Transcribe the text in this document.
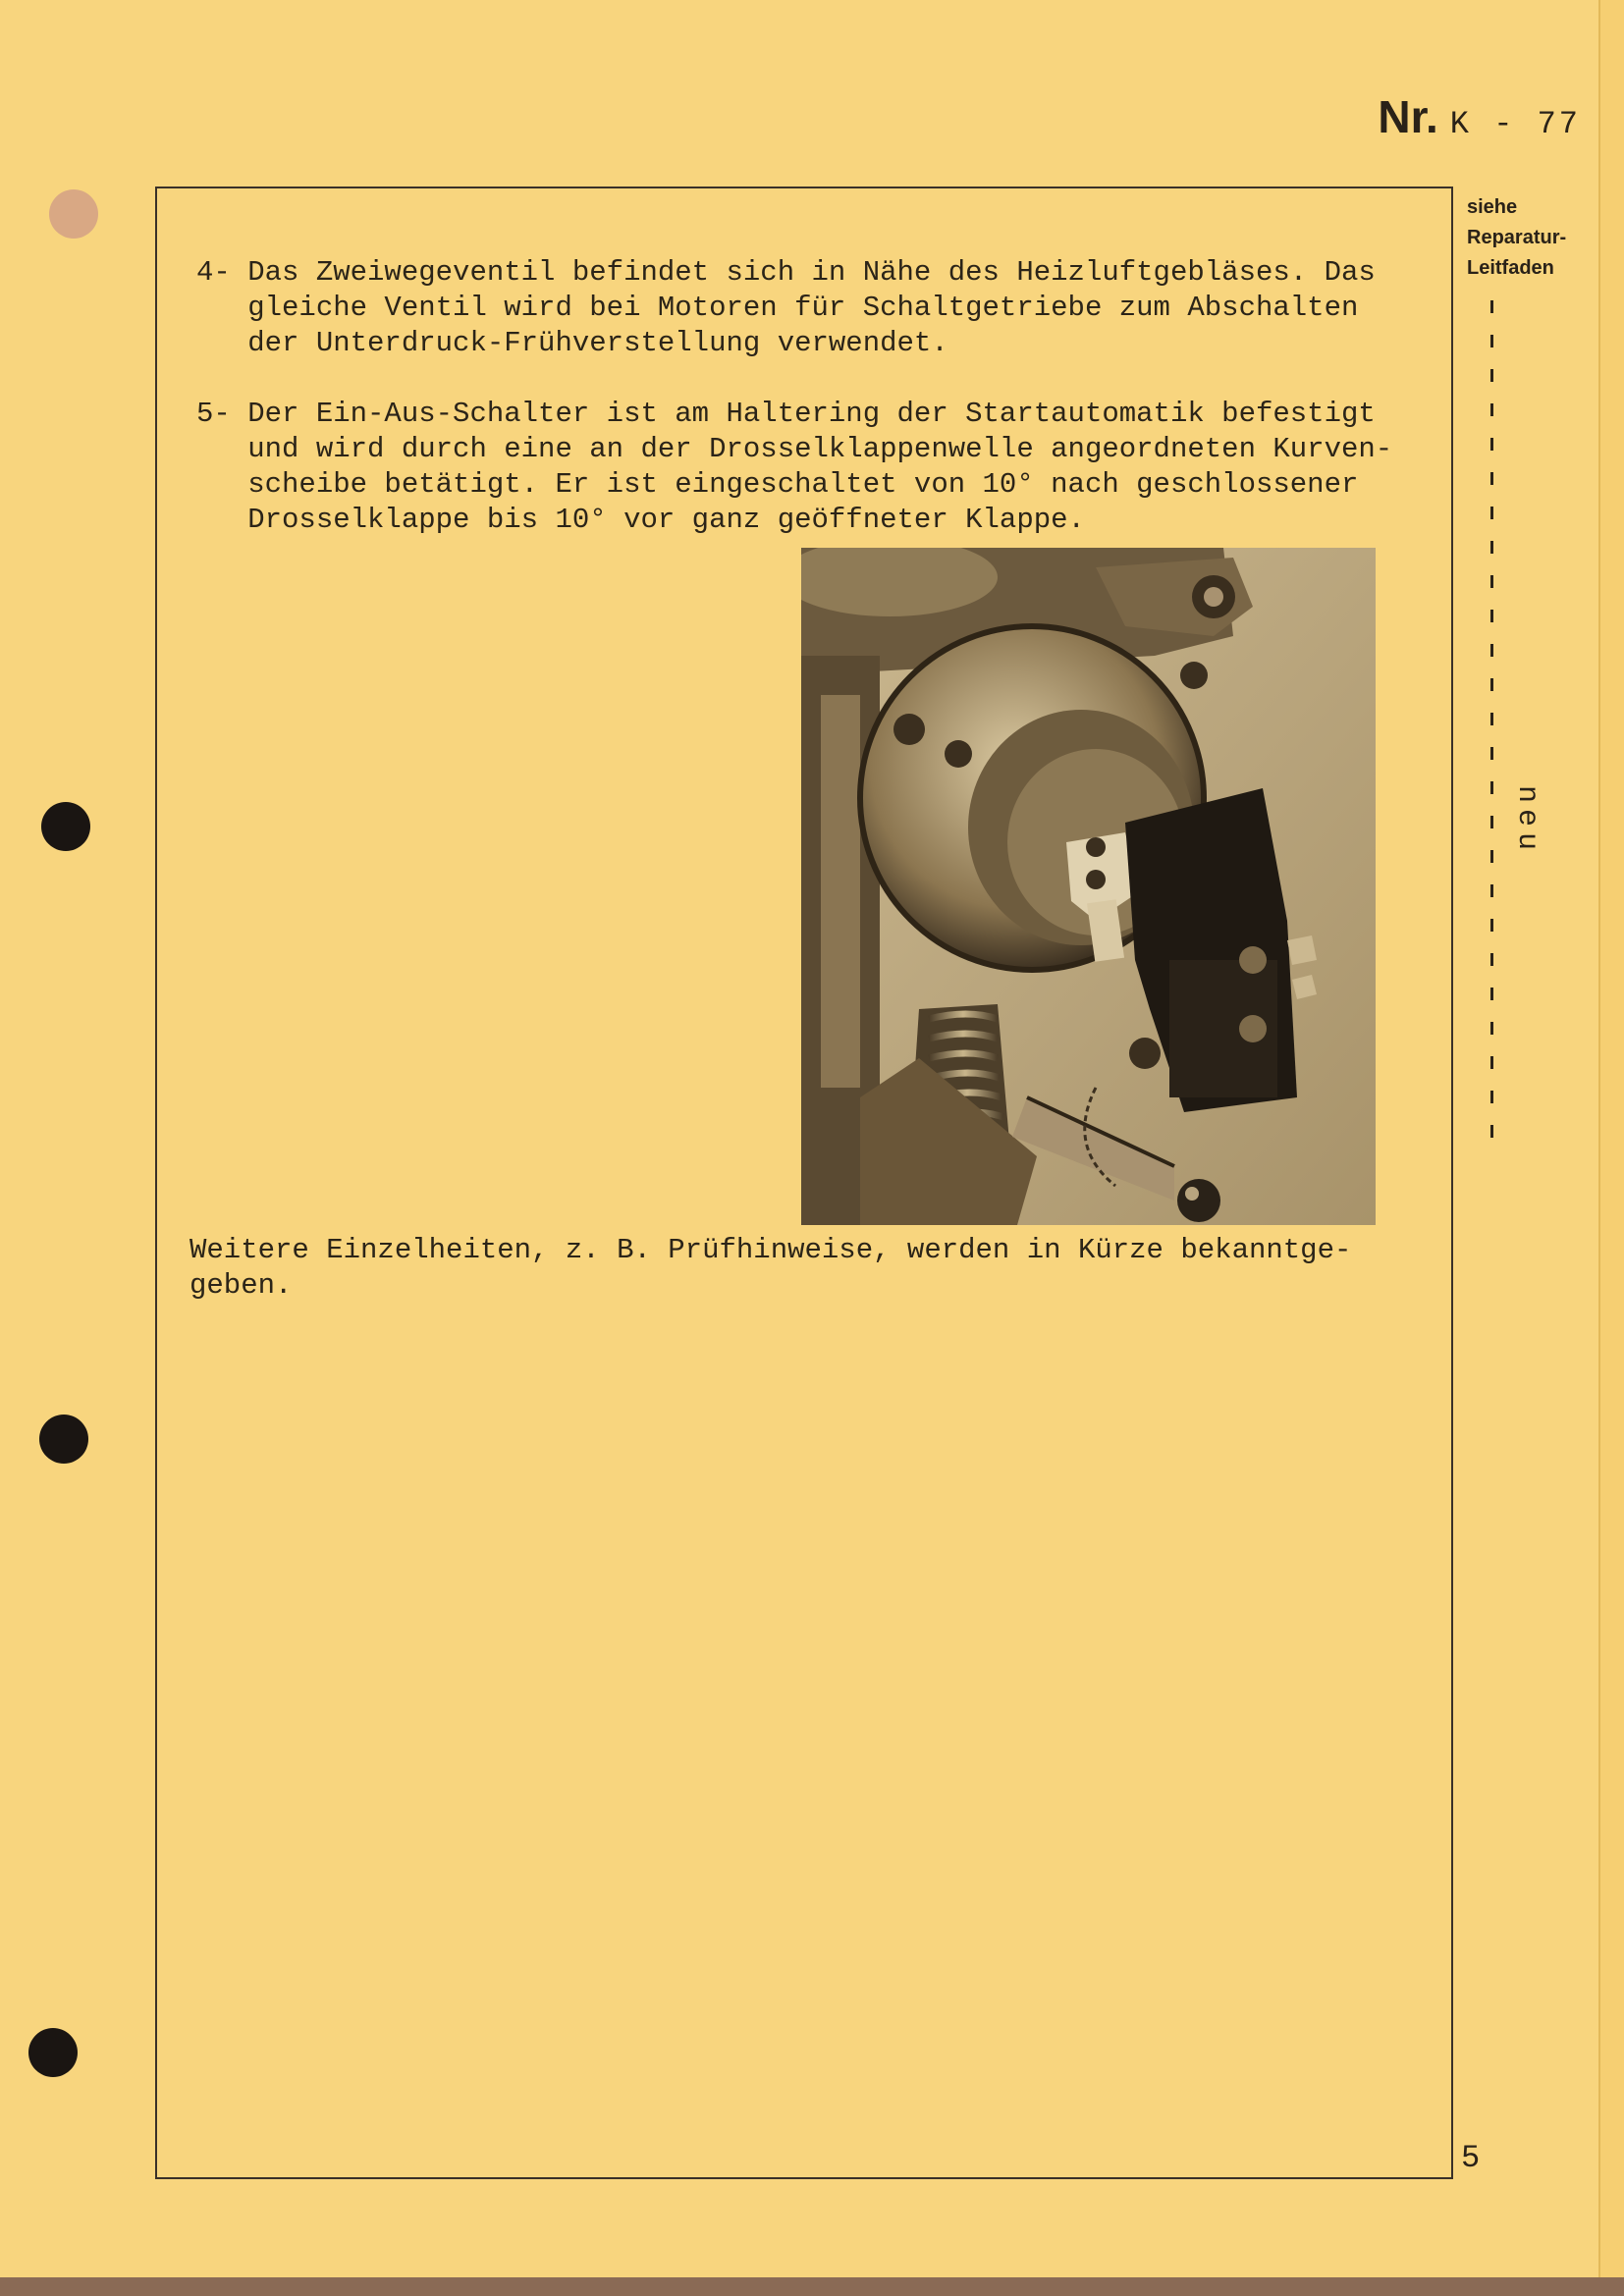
Nr. K - 77
siehe
Reparatur-
Leitfaden
neu
4- Das Zweiwegeventil befindet sich in Nähe des Heizluftgebläses. Das
gleiche Ventil wird bei Motoren für Schaltgetriebe zum Abschalten
der Unterdruck-Frühverstellung verwendet.
5- Der Ein-Aus-Schalter ist am Haltering der Startautomatik befestigt
und wird durch eine an der Drosselklappenwelle angeordneten Kurven-
scheibe betätigt. Er ist eingeschaltet von 10° nach geschlossener
Drosselklappe bis 10° vor ganz geöffneter Klappe.
Weitere Einzelheiten, z. B. Prüfhinweise, werden in Kürze bekanntge-
geben.
5
